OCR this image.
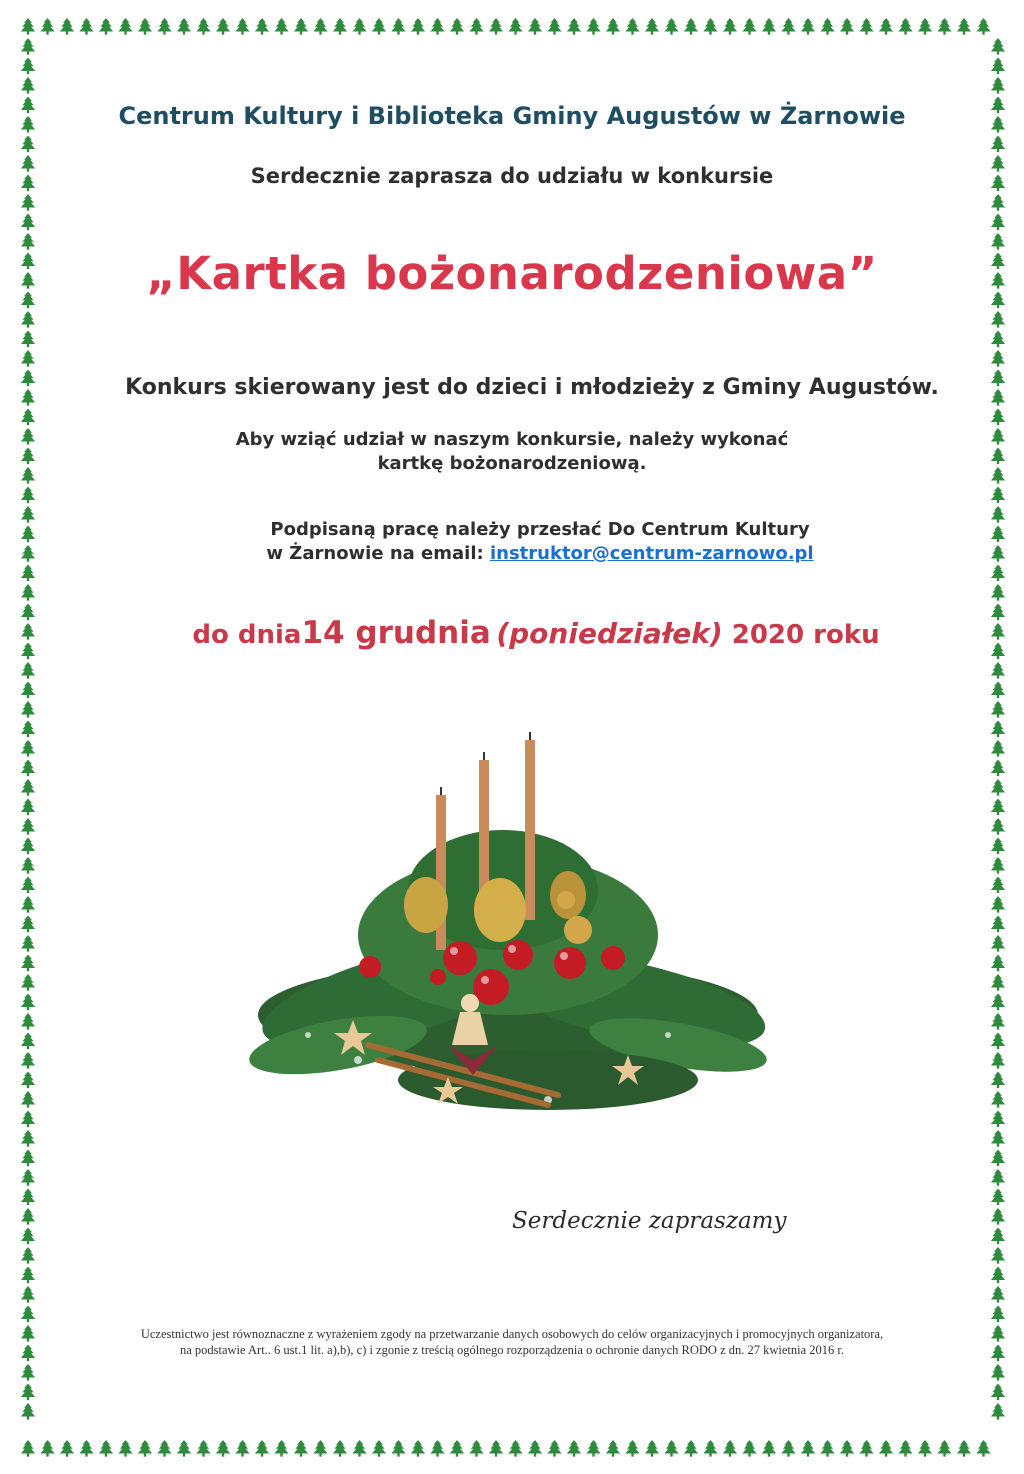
Centrum Kultury i Biblioteka Gminy Augustów w Żarnowie
Serdecznie zaprasza do udziału w konkursie
„Kartka bożonarodzeniowa”
Konkurs skierowany jest do dzieci i młodzieży z Gminy Augustów.
Aby wziąć udział w naszym konkursie, należy wykonać
kartkę bożonarodzeniową.
Podpisaną pracę należy przesłać Do Centrum Kultury
w Żarnowie na email: instruktor@centrum-zarnowo.pl
do dnia14 grudnia (poniedziałek) 2020 roku
Serdecznie zapraszamy
Uczestnictwo jest równoznaczne z wyrażeniem zgody na przetwarzanie danych osobowych do celów organizacyjnych i promocyjnych organizatora,
na podstawie Art.. 6 ust.1 lit. a),b), c) i zgonie z treścią ogólnego rozporządzenia o ochronie danych RODO z dn. 27 kwietnia 2016 r.
